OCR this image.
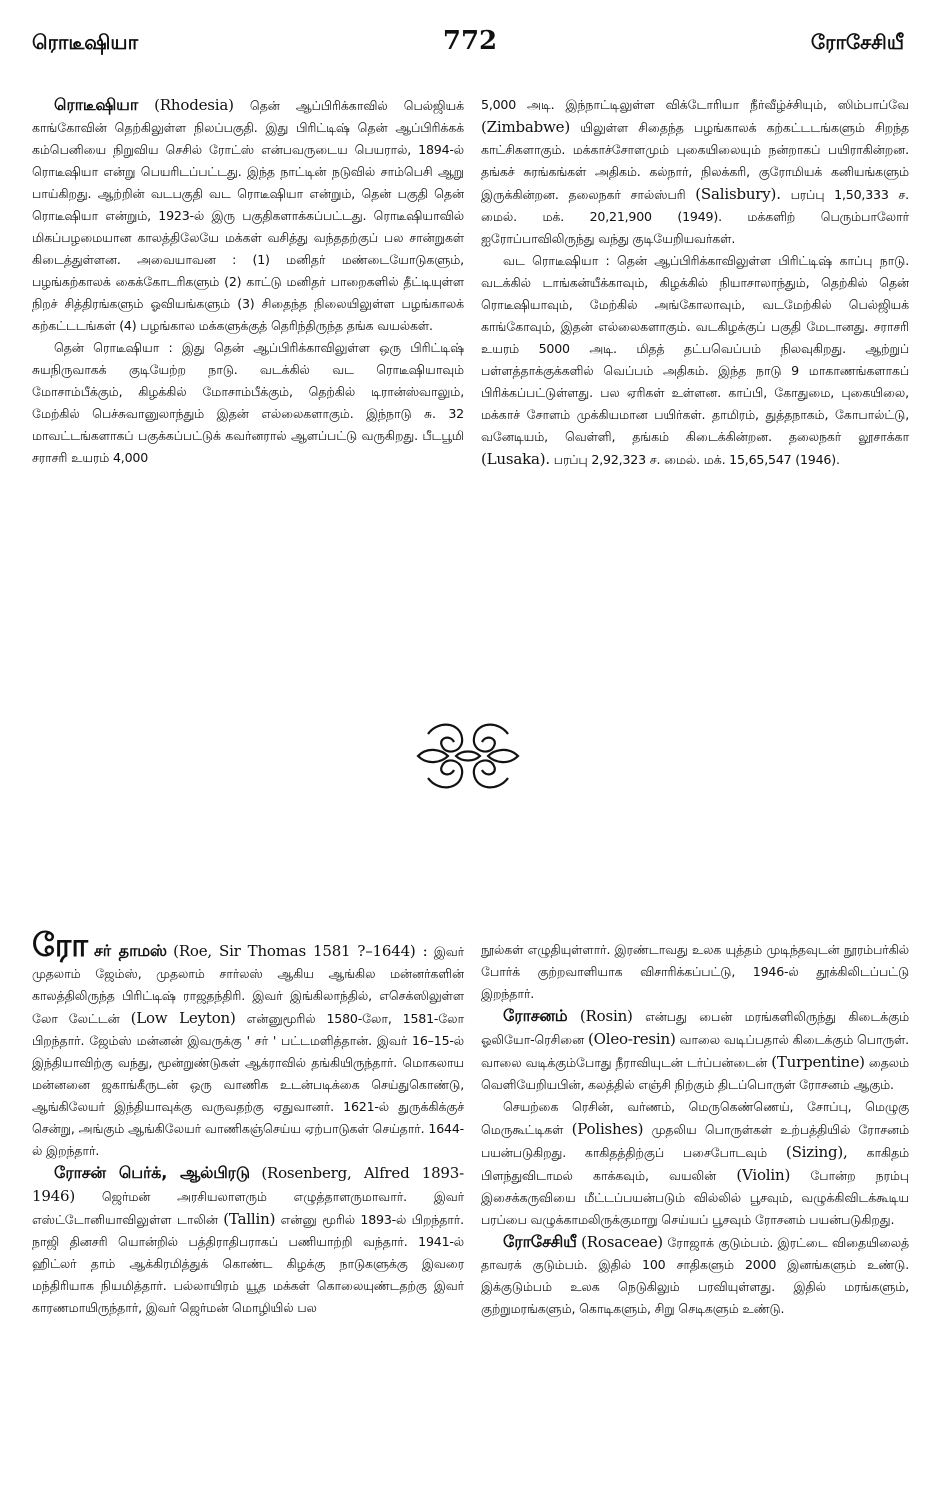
ரொடீஷியா	772	ரோசேசியீ

ரொடீஷியா (Rhodesia) தென் ஆப்பிரிக்காவில் பெல்ஜியக் காங்கோவின் தெற்கிலுள்ள நிலப்பகுதி. இது பிரிட்டிஷ் தென் ஆப்பிரிக்கக் கம்பெனியை நிறுவிய செசில் ரோட்ஸ் என்பவருடைய பெயரால், 1894-ல் ரொடீஷியா என்று பெயரிடப்பட்டது. இந்த நாட்டின் நடுவில் சாம்பெசி ஆறு பாய்கிறது. ஆற்றின் வடபகுதி வட ரொடீஷியா என்றும், தென் பகுதி தென் ரொடீஷியா என்றும், 1923-ல் இரு பகுதிகளாக்கப்பட்டது. ரொடீஷியாவில் மிகப்பழமையான காலத்திலேயே மக்கள் வசித்து வந்ததற்குப் பல சான்றுகள் கிடைத்துள்ளன. அவையாவன : (1) மனிதர் மண்டையோடுகளும், பழங்கற்காலக் கைக்கோடரிகளும் (2) காட்டு மனிதர் பாறைகளில் தீட்டியுள்ள நிறச் சித்திரங்களும் ஓவியங்களும் (3) சிதைந்த நிலையிலுள்ள பழங்காலக் கற்கட்டடங்கள் (4) பழங்கால மக்களுக்குத் தெரிந்திருந்த தங்க வயல்கள்.

தென் ரொடீஷியா : இது தென் ஆப்பிரிக்காவிலுள்ள ஒரு பிரிட்டிஷ் சுயநிருவாகக் குடியேற்ற நாடு. வடக்கில் வட ரொடீஷியாவும் மோசாம்பீக்கும், கிழக்கில் மோசாம்பீக்கும், தெற்கில் டிரான்ஸ்வாலும், மேற்கில் பெச்சுவானுலாந்தும் இதன் எல்லைகளாகும். இந்நாடு சு. 32 மாவட்டங்களாகப் பகுக்கப்பட்டுக் கவர்னரால் ஆளப்பட்டு வருகிறது. பீடபூமி சராசரி உயரம் 4,000

5,000 அடி. இந்நாட்டிலுள்ள விக்டோரியா நீர்வீழ்ச்சியும், ஸிம்பாப்வே (Zimbabwe) யிலுள்ள சிதைந்த பழங்காலக் கற்கட்டடங்களும் சிறந்த காட்சிகளாகும். மக்காச்சோளமும் புகையிலையும் நன்றாகப் பயிராகின்றன. தங்கச் சுரங்கங்கள் அதிகம். கல்நார், நிலக்கரி, குரோமியக் கனியங்களும் இருக்கின்றன. தலைநகர் சால்ஸ்பரி (Salisbury). பரப்பு 1,50,333 ச. மைல். மக். 20,21,900 (1949). மக்களிற் பெரும்பாலோர் ஐரோப்பாவிலிருந்து வந்து குடியேறியவர்கள்.

வட ரொடீஷியா : தென் ஆப்பிரிக்காவிலுள்ள பிரிட்டிஷ் காப்பு நாடு. வடக்கில் டாங்கன்யீக்காவும், கிழக்கில் நியாசாலாந்தும், தெற்கில் தென் ரொடீஷியாவும், மேற்கில் அங்கோலாவும், வடமேற்கில் பெல்ஜியக் காங்கோவும், இதன் எல்லைகளாகும். வடகிழக்குப் பகுதி மேடானது. சராசரி உயரம் 5000 அடி. மிதத் தட்பவெப்பம் நிலவுகிறது. ஆற்றுப் பள்ளத்தாக்குக்களில் வெப்பம் அதிகம். இந்த நாடு 9 மாகாணங்களாகப் பிரிக்கப்பட்டுள்ளது. பல ஏரிகள் உள்ளன. காப்பி, கோதுமை, புகையிலை, மக்காச் சோளம் முக்கியமான பயிர்கள். தாமிரம், துத்தநாகம், கோபால்ட்டு, வனேடியம், வெள்ளி, தங்கம் கிடைக்கின்றன. தலைநகர் லூசாக்கா (Lusaka). பரப்பு 2,92,323 ச. மைல். மக். 15,65,547 (1946).

ரோ சர் தாமஸ் (Roe, Sir Thomas 1581 ?–1644) : இவர் முதலாம் ஜேம்ஸ், முதலாம் சார்லஸ் ஆகிய ஆங்கில மன்னர்களின் காலத்திலிருந்த பிரிட்டிஷ் ராஜதந்திரி. இவர் இங்கிலாந்தில், எசெக்ஸிலுள்ள லோ லேட்டன் (Low Leyton) என்னுமூரில் 1580-லோ, 1581-லோ பிறந்தார். ஜேம்ஸ் மன்னன் இவருக்கு ' சர் ' பட்டமளித்தான். இவர் 16–15-ல் இந்தியாவிற்கு வந்து, மூன்றுண்டுகள் ஆக்ராவில் தங்கியிருந்தார். மொகலாய மன்னனை ஜகாங்கீருடன் ஒரு வாணிக உடன்படிக்கை செய்துகொண்டு, ஆங்கிலேயர் இந்தியாவுக்கு வருவதற்கு ஏதுவானர். 1621-ல் துருக்கிக்குச் சென்று, அங்கும் ஆங்கிலேயர் வாணிகஞ்செய்ய ஏற்பாடுகள் செய்தார். 1644-ல் இறந்தார்.

ரோசன் பெர்க், ஆல்பிரடு (Rosenberg, Alfred 1893-1946) ஜெர்மன் அரசியலாளரும் எழுத்தாளருமாவார். இவர் எஸ்ட்டோனியாவிலுள்ள டாலின் (Tallin) என்னு மூரில் 1893-ல் பிறந்தார். நாஜி தினசரி யொன்றில் பத்திராதிபராகப் பணியாற்றி வந்தார். 1941-ல் ஹிட்லர் தாம் ஆக்கிரமித்துக் கொண்ட கிழக்கு நாடுகளுக்கு இவரை மந்திரியாக நியமித்தார். பல்லாயிரம் யூத மக்கள் கொலையுண்டதற்கு இவர் காரணமாயிருந்தார், இவர் ஜெர்மன் மொழியில் பல

நூல்கள் எழுதியுள்ளார். இரண்டாவது உலக யுத்தம் முடிந்தவுடன் நூரம்பர்கில் போர்க் குற்றவாளியாக விசாரிக்கப்பட்டு, 1946-ல் தூக்கிலிடப்பட்டு இறந்தார்.

ரோசனம் (Rosin) என்பது பைன் மரங்களிலிருந்து கிடைக்கும் ஓலியோ-ரெசினை (Oleo-resin) வாலை வடிப்பதால் கிடைக்கும் பொருள். வாலை வடிக்கும்போது நீராவியுடன் டர்ப்பன்டைன் (Turpentine) தைலம் வெளியேறியபின், கலத்தில் எஞ்சி நிற்கும் திடப்பொருள் ரோசனம் ஆகும்.

செயற்கை ரெசின், வர்ணம், மெருகெண்ணெய், சோப்பு, மெழுகு மெருகூட்டிகள் (Polishes) முதலிய பொருள்கள் உற்பத்தியில் ரோசனம் பயன்படுகிறது. காகிதத்திற்குப் பசைபோடவும் (Sizing), காகிதம் பிளந்துவிடாமல் காக்கவும், வயலின் (Violin) போன்ற நரம்பு இசைக்கருவியை மீட்டப்பயன்படும் வில்லில் பூசவும், வழுக்கிவிடக்கூடிய பரப்பை வழுக்காமலிருக்குமாறு செய்யப் பூசவும் ரோசனம் பயன்படுகிறது.

ரோசேசியீ (Rosaceae) ரோஜாக் குடும்பம். இரட்டை விதையிலைத் தாவரக் குடும்பம். இதில் 100 சாதிகளும் 2000 இனங்களும் உண்டு. இக்குடும்பம் உலக நெடுகிலும் பரவியுள்ளது. இதில் மரங்களும், குற்றுமரங்களும், கொடிகளும், சிறு செடிகளும் உண்டு.
